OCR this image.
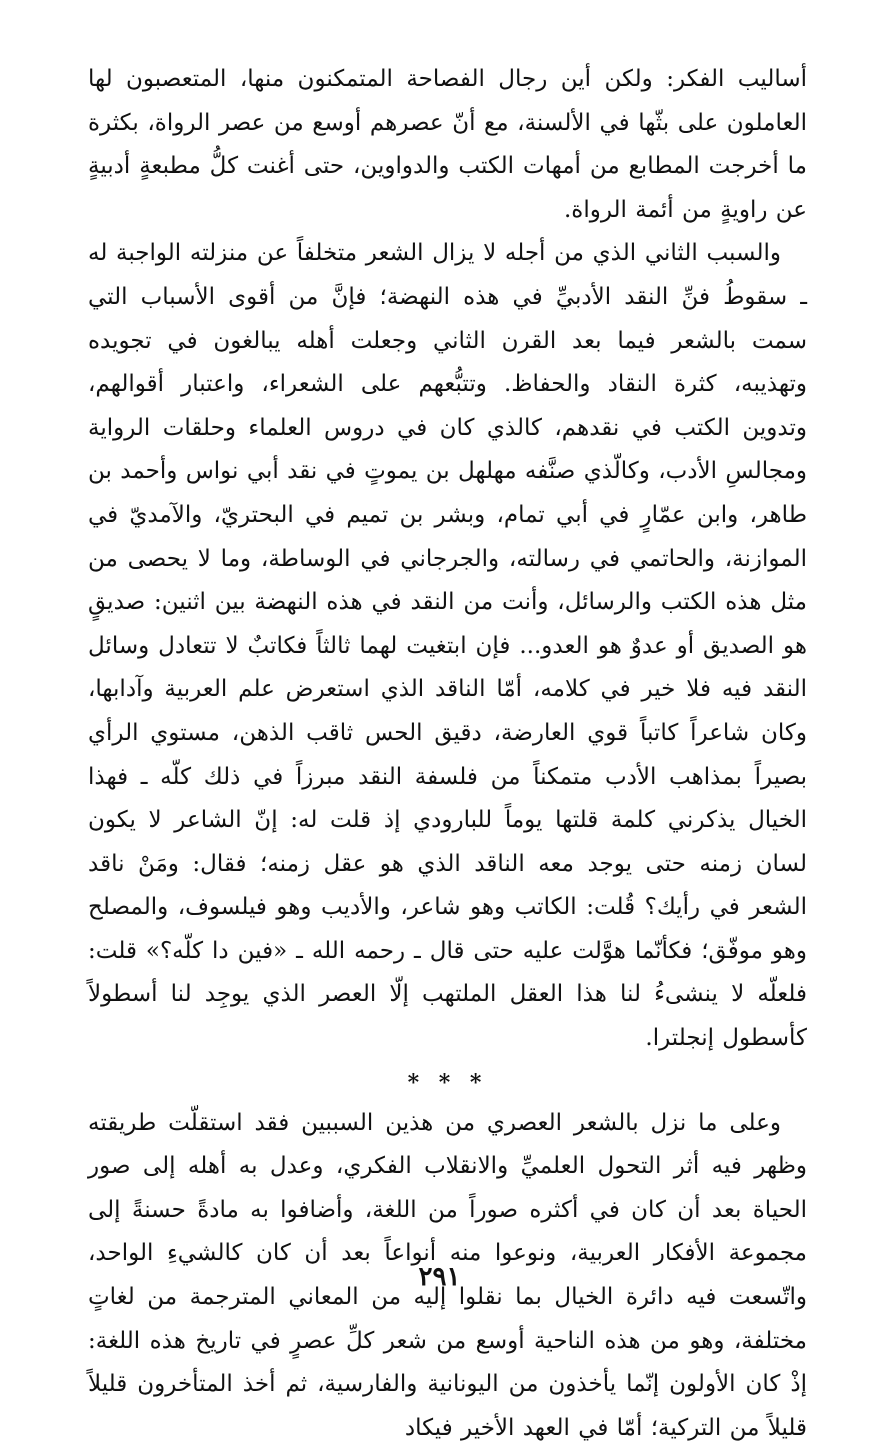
أساليب الفكر: ولكن أين رجال الفصاحة المتمكنون منها، المتعصبون لها العاملون على بثّها في الألسنة، مع أنّ عصرهم أوسع من عصر الرواة، بكثرة ما أخرجت المطابع من أمهات الكتب والدواوين، حتى أغنت كلُّ مطبعةٍ أدبيةٍ عن راويةٍ من أئمة الرواة.

والسبب الثاني الذي من أجله لا يزال الشعر متخلفاً عن منزلته الواجبة له ـ سقوطُ فنِّ النقد الأدبيِّ في هذه النهضة؛ فإنَّ من أقوى الأسباب التي سمت بالشعر فيما بعد القرن الثاني وجعلت أهله يبالغون في تجويده وتهذيبه، كثرة النقاد والحفاظ. وتتبُّعهم على الشعراء، واعتبار أقوالهم، وتدوين الكتب في نقدهم، كالذي كان في دروس العلماء وحلقات الرواية ومجالسِ الأدب، وكالّذي صنَّفه مهلهل بن يموتٍ في نقد أبي نواس وأحمد بن طاهر، وابن عمّارٍ في أبي تمام، وبشر بن تميم في البحتريّ، والآمديّ في الموازنة، والحاتمي في رسالته، والجرجاني في الوساطة، وما لا يحصى من مثل هذه الكتب والرسائل، وأنت من النقد في هذه النهضة بين اثنين: صديقٍ هو الصديق أو عدوٌ هو العدو... فإن ابتغيت لهما ثالثاً فكاتبٌ لا تتعادل وسائل النقد فيه فلا خير في كلامه، أمّا الناقد الذي استعرض علم العربية وآدابها، وكان شاعراً كاتباً قوي العارضة، دقيق الحس ثاقب الذهن، مستوي الرأي بصيراً بمذاهب الأدب متمكناً من فلسفة النقد مبرزاً في ذلك كلّه ـ فهذا الخيال يذكرني كلمة قلتها يوماً للبارودي إذ قلت له: إنّ الشاعر لا يكون لسان زمنه حتى يوجد معه الناقد الذي هو عقل زمنه؛ فقال: ومَنْ ناقد الشعر في رأيك؟ قُلت: الكاتب وهو شاعر، والأديب وهو فيلسوف، والمصلح وهو موفّق؛ فكأنّما هوَّلت عليه حتى قال ـ رحمه الله ـ «فين دا كلّه؟» قلت: فلعلّه لا ينشىءُ لنا هذا العقل الملتهب إلّا العصر الذي يوجِد لنا أسطولاً كأسطول إنجلترا.

* * *

وعلى ما نزل بالشعر العصري من هذين السببين فقد استقلّت طريقته وظهر فيه أثر التحول العلميِّ والانقلاب الفكري، وعدل به أهله إلى صور الحياة بعد أن كان في أكثره صوراً من اللغة، وأضافوا به مادةً حسنةً إلى مجموعة الأفكار العربية، ونوعوا منه أنواعاً بعد أن كان كالشيءِ الواحد، واتّسعت فيه دائرة الخيال بما نقلوا إليه من المعاني المترجمة من لغاتٍ مختلفة، وهو من هذه الناحية أوسع من شعر كلِّ عصرٍ في تاريخ هذه اللغة: إذْ كان الأولون إنّما يأخذون من اليونانية والفارسية، ثم أخذ المتأخرون قليلاً قليلاً من التركية؛ أمّا في العهد الأخير فيكاد

٢٩١
